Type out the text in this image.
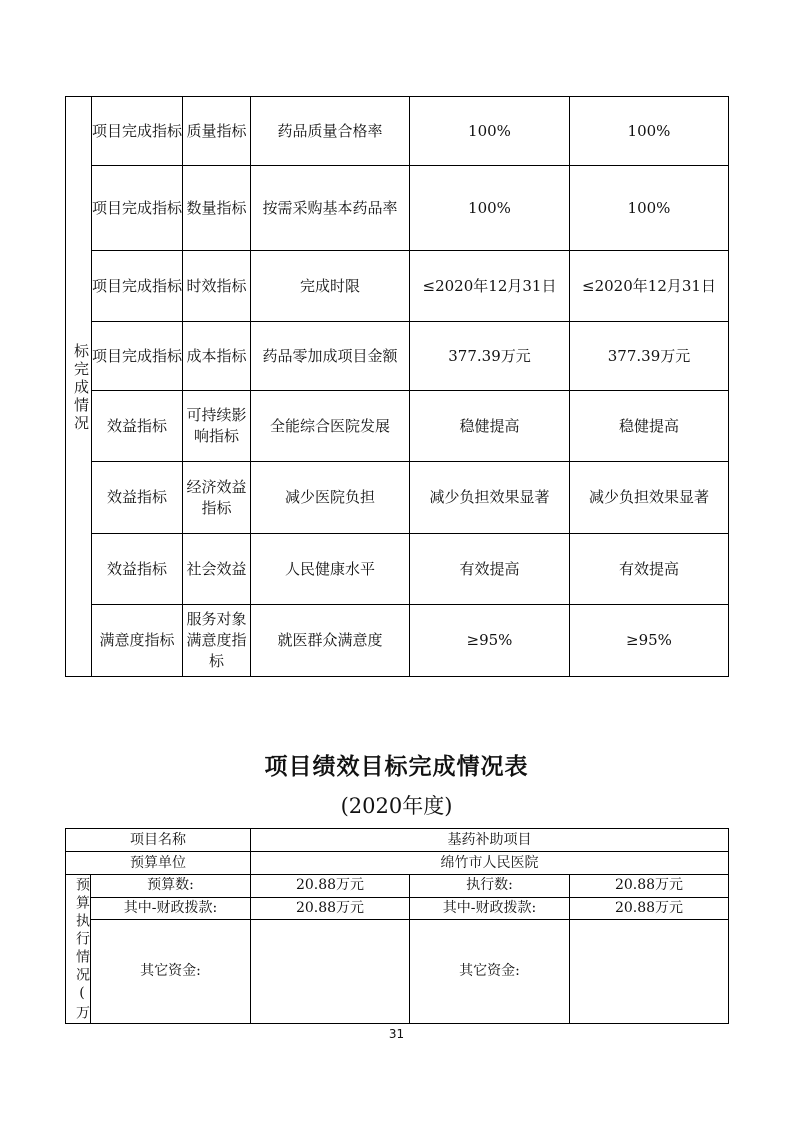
标完成情况	项目完成指标	质量指标	药品质量合格率	100%	100%
	项目完成指标	数量指标	按需采购基本药品率	100%	100%
	项目完成指标	时效指标	完成时限	≤2020年12月31日	≤2020年12月31日
	项目完成指标	成本指标	药品零加成项目金额	377.39万元	377.39万元
	效益指标	可持续影响指标	全能综合医院发展	稳健提高	稳健提高
	效益指标	经济效益指标	减少医院负担	减少负担效果显著	减少负担效果显著
	效益指标	社会效益	人民健康水平	有效提高	有效提高
	满意度指标	服务对象满意度指标	就医群众满意度	≥95%	≥95%
项目绩效目标完成情况表
(2020年度)
项目名称		基药补助项目		
预算单位		绵竹市人民医院		
预算执行情况(万	预算数:	20.88万元	执行数:	20.88万元
	其中-财政拨款:	20.88万元	其中-财政拨款:	20.88万元
	其它资金:		其它资金:	
31
